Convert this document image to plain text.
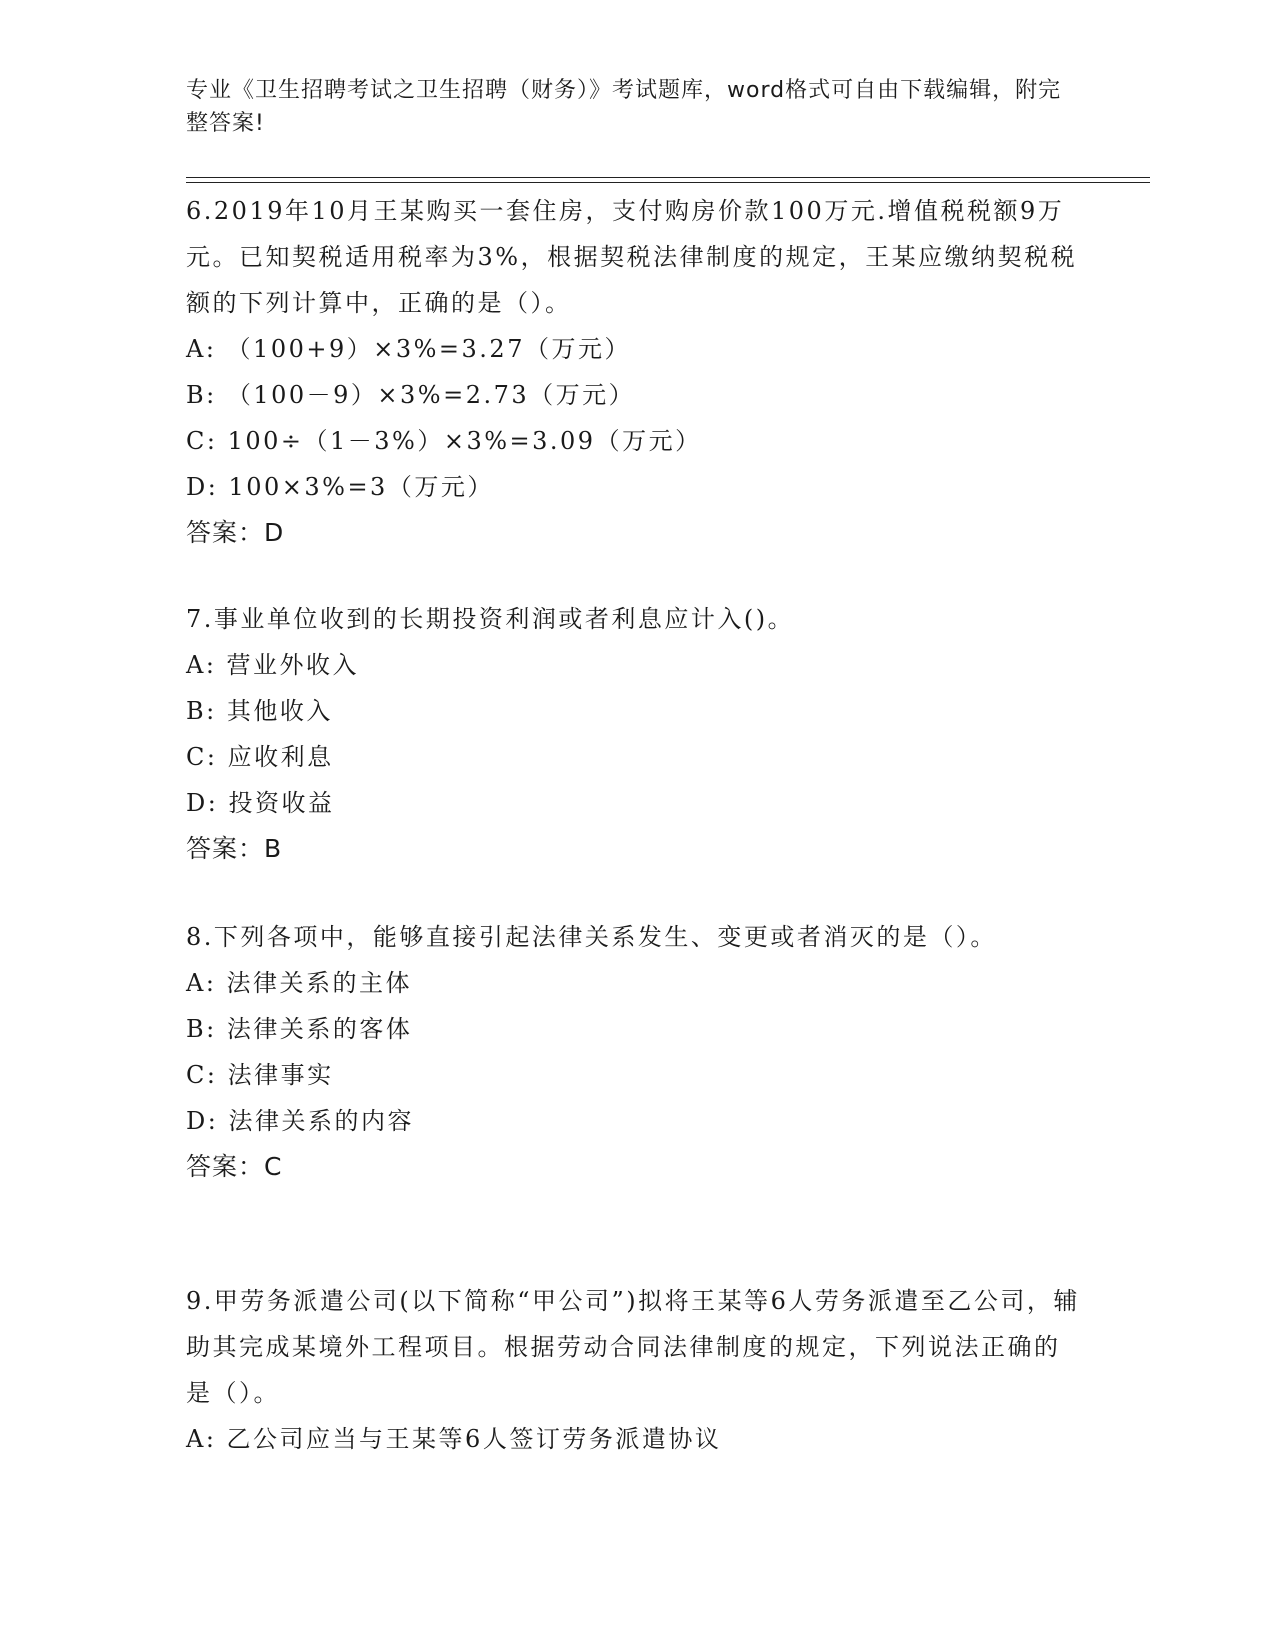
专业《卫生招聘考试之卫生招聘（财务）》考试题库，word格式可自由下载编辑，附完整答案!

6.2019年10月王某购买一套住房，支付购房价款100万元.增值税税额9万元。已知契税适用税率为3%，根据契税法律制度的规定，王某应缴纳契税税额的下列计算中，正确的是（）。

A: （100+9）×3%=3.27（万元）

B: （100－9）×3%=2.73（万元）

C: 100÷（1－3%）×3%=3.09（万元）

D: 100×3%=3（万元）

答案：D

7.事业单位收到的长期投资利润或者利息应计入()。

A: 营业外收入

B: 其他收入

C: 应收利息

D: 投资收益

答案：B

8.下列各项中，能够直接引起法律关系发生、变更或者消灭的是（）。

A: 法律关系的主体

B: 法律关系的客体

C: 法律事实

D: 法律关系的内容

答案：C

9.甲劳务派遣公司(以下简称“甲公司”)拟将王某等6人劳务派遣至乙公司，辅助其完成某境外工程项目。根据劳动合同法律制度的规定，下列说法正确的是（）。

A: 乙公司应当与王某等6人签订劳务派遣协议
